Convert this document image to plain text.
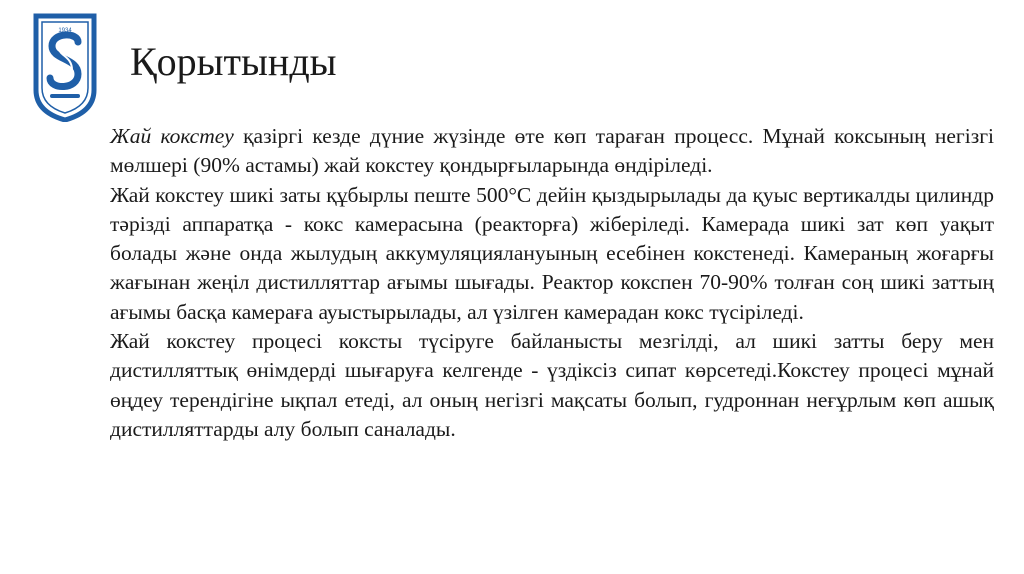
1934
Қорытынды

Жай кокстеу қазіргі кезде дүние жүзінде өте көп тараған процесс. Мұнай коксының негізгі мөлшері (90% астамы) жай кокстеу қондырғыларында өндіріледі.

Жай кокстеу шикі заты құбырлы пеште 500°С дейін қыздырылады да қуыс вертикалды цилиндр тәрізді аппаратқа - кокс камерасына (реакторға) жіберіледі. Камерада шикі зат көп уақыт болады және онда жылудың аккумуляциялануының есебінен кокстенеді. Камераның жоғарғы жағынан жеңіл дистилляттар ағымы шығады. Реактор кокспен 70-90% толған соң шикі заттың ағымы басқа камераға ауыстырылады, ал үзілген камерадан кокс түсіріледі.

Жай кокстеу процесі коксты түсіруге байланысты мезгілді, ал шикі затты беру мен дистилляттық өнімдерді шығаруға келгенде - үздіксіз сипат көрсетеді.Кокстеу процесі мұнай өңдеу терендігіне ықпал етеді, ал оның негізгі мақсаты болып, гудроннан неғұрлым көп ашық дистилляттарды алу болып саналады.
